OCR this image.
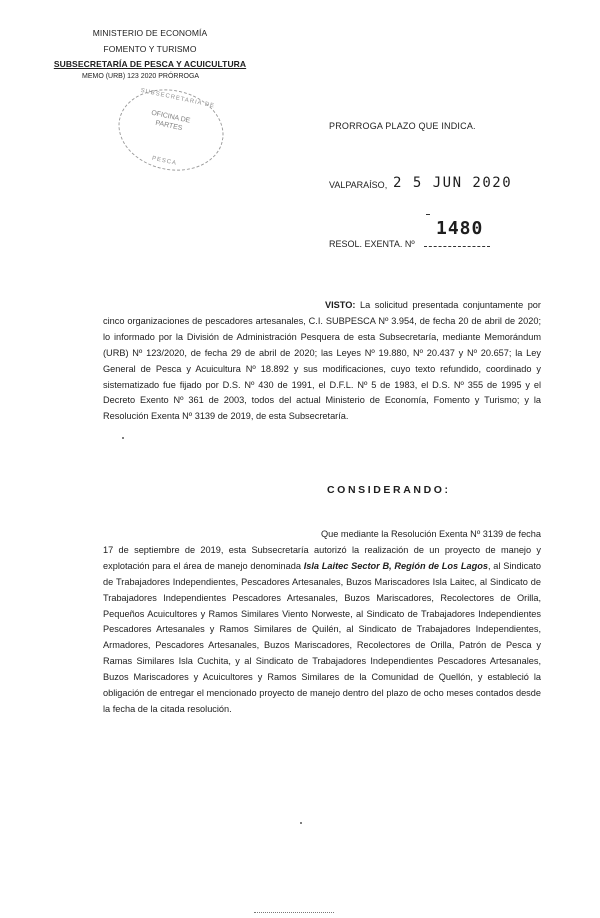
MINISTERIO DE ECONOMÍA
FOMENTO Y TURISMO
SUBSECRETARÍA DE PESCA Y ACUICULTURA
MEMO (URB) 123 2020 PRÓRROGA
SUBSECRETARIA DE
OFICINA DE PARTES
PESCA
PRORROGA PLAZO QUE INDICA.
VALPARAÍSO, 2 5 JUN 2020
1480
RESOL. EXENTA. Nº
VISTO: La solicitud presentada conjuntamente por cinco organizaciones de pescadores artesanales, C.I. SUBPESCA Nº 3.954, de fecha 20 de abril de 2020; lo informado por la División de Administración Pesquera de esta Subsecretaría, mediante Memorándum (URB) Nº 123/2020, de fecha 29 de abril de 2020; las Leyes Nº 19.880, Nº 20.437 y Nº 20.657; la Ley General de Pesca y Acuicultura Nº 18.892 y sus modificaciones, cuyo texto refundido, coordinado y sistematizado fue fijado por D.S. Nº 430 de 1991, el D.F.L. Nº 5 de 1983, el D.S. Nº 355 de 1995 y el Decreto Exento Nº 361 de 2003, todos del actual Ministerio de Economía, Fomento y Turismo; y la Resolución Exenta Nº 3139 de 2019, de esta Subsecretaría.
CONSIDERANDO:
Que mediante la Resolución Exenta Nº 3139 de fecha 17 de septiembre de 2019, esta Subsecretaría autorizó la realización de un proyecto de manejo y explotación para el área de manejo denominada Isla Laitec Sector B, Región de Los Lagos, al Sindicato de Trabajadores Independientes, Pescadores Artesanales, Buzos Mariscadores Isla Laitec, al Sindicato de Trabajadores Independientes Pescadores Artesanales, Buzos Mariscadores, Recolectores de Orilla, Pequeños Acuicultores y Ramos Similares Viento Norweste, al Sindicato de Trabajadores Independientes Pescadores Artesanales y Ramos Similares de Quilén, al Sindicato de Trabajadores Independientes, Armadores, Pescadores Artesanales, Buzos Mariscadores, Recolectores de Orilla, Patrón de Pesca y Ramas Similares Isla Cuchita, y al Sindicato de Trabajadores Independientes Pescadores Artesanales, Buzos Mariscadores y Acuicultores y Ramos Similares de la Comunidad de Quellón, y estableció la obligación de entregar el mencionado proyecto de manejo dentro del plazo de ocho meses contados desde la fecha de la citada resolución.
